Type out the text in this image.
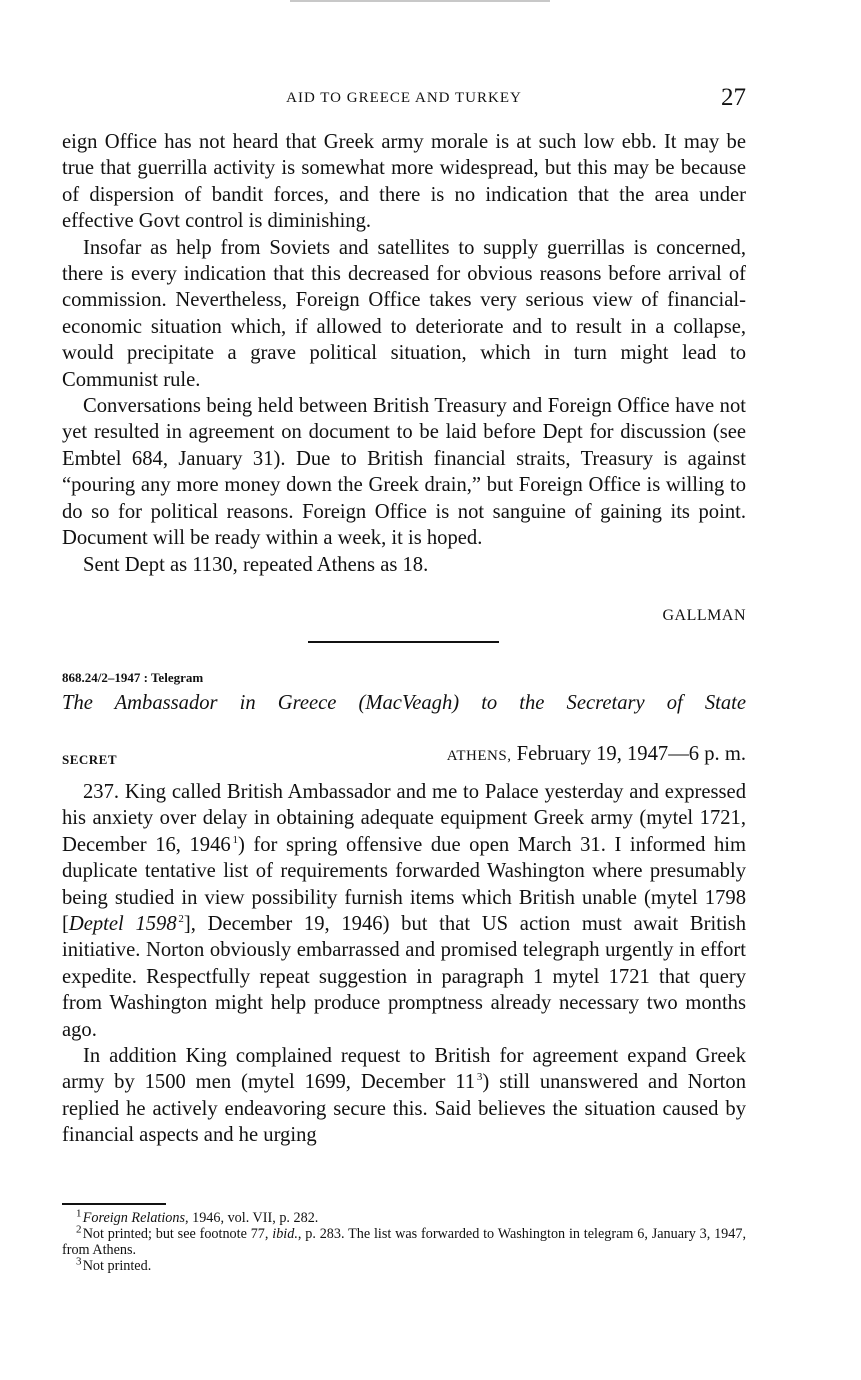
AID TO GREECE AND TURKEY	27

eign Office has not heard that Greek army morale is at such low ebb. It may be true that guerrilla activity is somewhat more widespread, but this may be because of dispersion of bandit forces, and there is no indication that the area under effective Govt control is diminishing.

Insofar as help from Soviets and satellites to supply guerrillas is concerned, there is every indication that this decreased for obvious reasons before arrival of commission. Nevertheless, Foreign Office takes very serious view of financial-economic situation which, if allowed to deteriorate and to result in a collapse, would precipitate a grave political situation, which in turn might lead to Communist rule.

Conversations being held between British Treasury and Foreign Office have not yet resulted in agreement on document to be laid before Dept for discussion (see Embtel 684, January 31). Due to British financial straits, Treasury is against “pouring any more money down the Greek drain,” but Foreign Office is willing to do so for political reasons. Foreign Office is not sanguine of gaining its point. Document will be ready within a week, it is hoped.

Sent Dept as 1130, repeated Athens as 18.

GALLMAN
868.24/2–1947 : Telegram
The Ambassador in Greece (MacVeagh) to the Secretary of State
SECRET	ATHENS, February 19, 1947—6 p. m.

237. King called British Ambassador and me to Palace yesterday and expressed his anxiety over delay in obtaining adequate equipment Greek army (mytel 1721, December 16, 1946  $^1$) for spring offensive due open March 31. I informed him duplicate tentative list of requirements forwarded Washington where presumably being studied in view possibility furnish items which British unable (mytel 1798 [Deptel 1598  $^2$], December 19, 1946) but that US action must await British initiative. Norton obviously embarrassed and promised telegraph urgently in effort expedite. Respectfully repeat suggestion in paragraph 1 mytel 1721 that query from Washington might help produce promptness already necessary two months ago.

In addition King complained request to British for agreement expand Greek army by 1500 men (mytel 1699, December 11  $^3$) still unanswered and Norton replied he actively endeavoring secure this. Said believes the situation caused by financial aspects and he urging

$^1$ Foreign Relations, 1946, vol. VII, p. 282.

$^2$ Not printed; but see footnote 77, ibid., p. 283. The list was forwarded to Washington in telegram 6, January 3, 1947, from Athens.

$^3$ Not printed.
